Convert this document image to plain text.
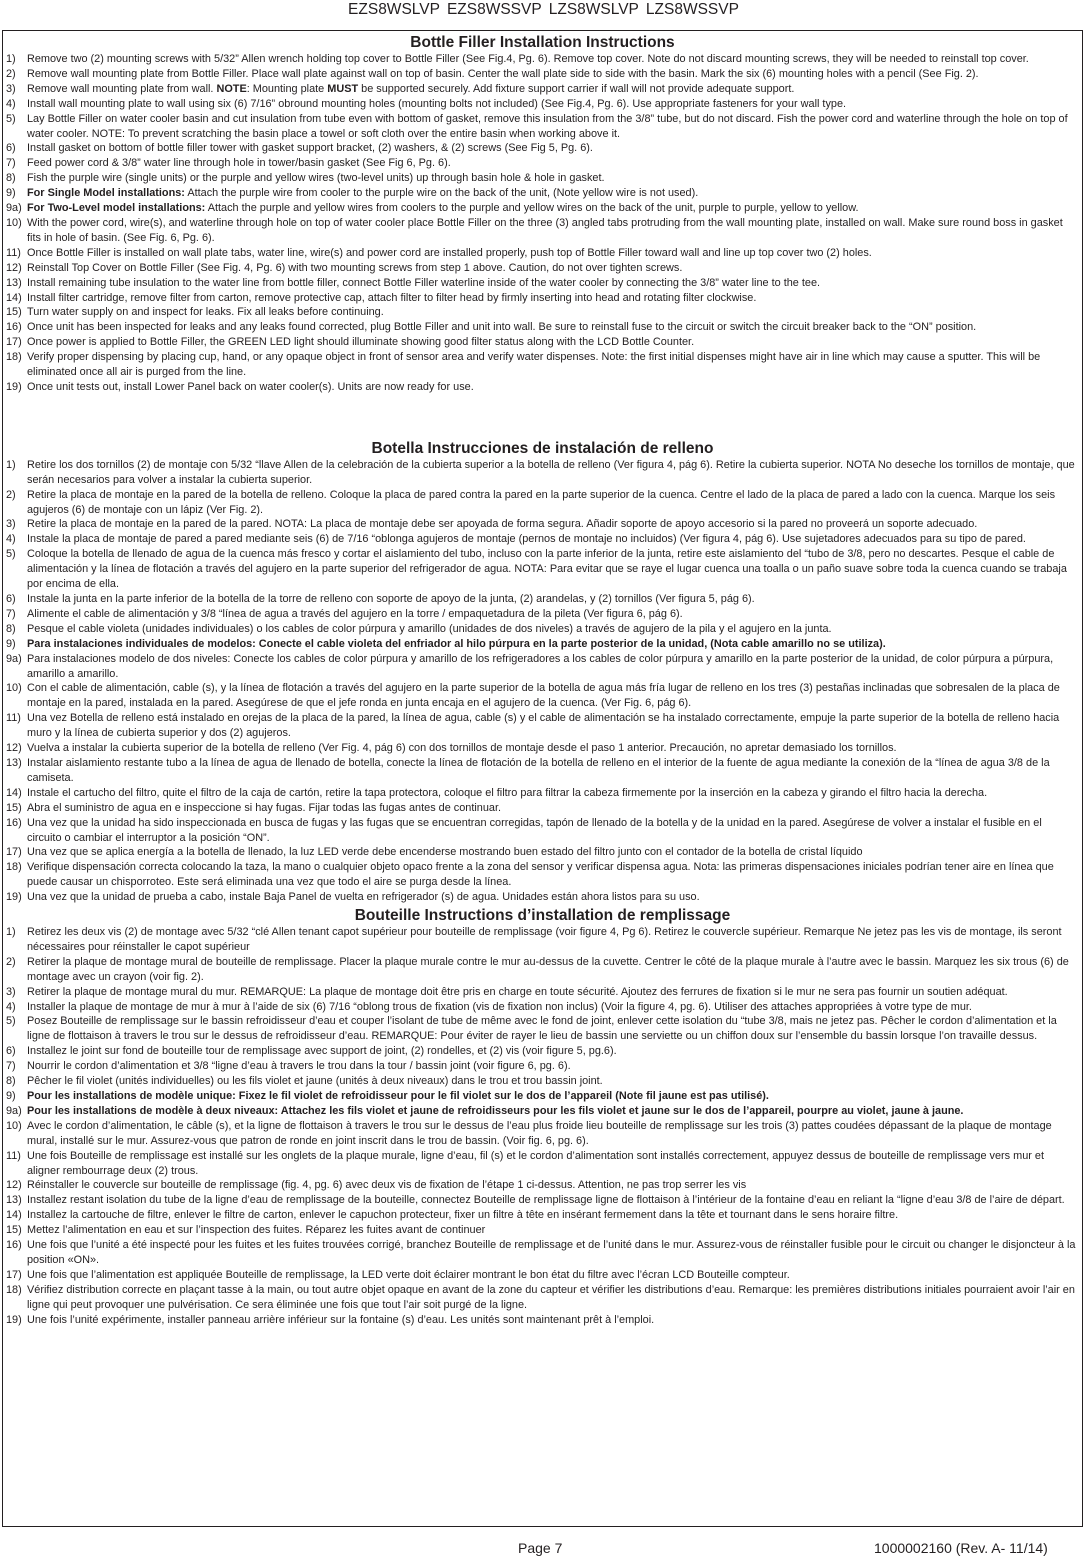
EZS8WSLVP EZS8WSSVP LZS8WSLVP LZS8WSSVP
Bottle Filler Installation Instructions
1) Remove two (2) mounting screws with 5/32” Allen wrench holding top cover to Bottle Filler (See Fig.4, Pg. 6). Remove top cover. Note do not discard mounting screws, they will be needed to reinstall top cover.
2) Remove wall mounting plate from Bottle Filler. Place wall plate against wall on top of basin. Center the wall plate side to side with the basin. Mark the six (6) mounting holes with a pencil (See Fig. 2).
3) Remove wall mounting plate from wall. NOTE: Mounting plate MUST be supported securely. Add fixture support carrier if wall will not provide adequate support.
4) Install wall mounting plate to wall using six (6) 7/16” obround mounting holes (mounting bolts not included) (See Fig.4, Pg. 6). Use appropriate fasteners for your wall type.
5) Lay Bottle Filler on water cooler basin and cut insulation from tube even with bottom of gasket, remove this insulation from the 3/8” tube, but do not discard. Fish the power cord and waterline through the hole on top of water cooler. NOTE: To prevent scratching the basin place a towel or soft cloth over the entire basin when working above it.
6) Install gasket on bottom of bottle filler tower with gasket support bracket, (2) washers, & (2) screws (See Fig 5, Pg. 6).
7) Feed power cord & 3/8” water line through hole in tower/basin gasket (See Fig 6, Pg. 6).
8) Fish the purple wire (single units) or the purple and yellow wires (two-level units) up through basin hole & hole in gasket.
9) For Single Model installations: Attach the purple wire from cooler to the purple wire on the back of the unit, (Note yellow wire is not used).
9a) For Two-Level model installations: Attach the purple and yellow wires from coolers to the purple and yellow wires on the back of the unit, purple to purple, yellow to yellow.
10) With the power cord, wire(s), and waterline through hole on top of water cooler place Bottle Filler on the three (3) angled tabs protruding from the wall mounting plate, installed on wall. Make sure round boss in gasket fits in hole of basin. (See Fig. 6, Pg. 6).
11) Once Bottle Filler is installed on wall plate tabs, water line, wire(s) and power cord are installed properly, push top of Bottle Filler toward wall and line up top cover two (2) holes.
12) Reinstall Top Cover on Bottle Filler (See Fig. 4, Pg. 6) with two mounting screws from step 1 above. Caution, do not over tighten screws.
13) Install remaining tube insulation to the water line from bottle filler, connect Bottle Filler waterline inside of the water cooler by connecting the 3/8” water line to the tee.
14) Install filter cartridge, remove filter from carton, remove protective cap, attach filter to filter head by firmly inserting into head and rotating filter clockwise.
15) Turn water supply on and inspect for leaks. Fix all leaks before continuing.
16) Once unit has been inspected for leaks and any leaks found corrected, plug Bottle Filler and unit into wall. Be sure to reinstall fuse to the circuit or switch the circuit breaker back to the “ON” position.
17) Once power is applied to Bottle Filler, the GREEN LED light should illuminate showing good filter status along with the LCD Bottle Counter.
18) Verify proper dispensing by placing cup, hand, or any opaque object in front of sensor area and verify water dispenses. Note: the first initial dispenses might have air in line which may cause a sputter. This will be eliminated once all air is purged from the line.
19) Once unit tests out, install Lower Panel back on water cooler(s). Units are now ready for use.
Botella Instrucciones de instalación de relleno
1) Retire los dos tornillos (2) de montaje con 5/32 “llave Allen de la celebración de la cubierta superior a la botella de relleno (Ver figura 4, pág 6). Retire la cubierta superior. NOTA No deseche los tornillos de montaje, que serán necesarios para volver a instalar la cubierta superior.
2) Retire la placa de montaje en la pared de la botella de relleno. Coloque la placa de pared contra la pared en la parte superior de la cuenca. Centre el lado de la placa de pared a lado con la cuenca. Marque los seis agujeros (6) de montaje con un lápiz (Ver Fig. 2).
3) Retire la placa de montaje en la pared de la pared. NOTA: La placa de montaje debe ser apoyada de forma segura. Añadir soporte de apoyo accesorio si la pared no proveerá un soporte adecuado.
4) Instale la placa de montaje de pared a pared mediante seis (6) de 7/16 “oblonga agujeros de montaje (pernos de montaje no incluidos) (Ver figura 4, pág 6). Use sujetadores adecuados para su tipo de pared.
5) Coloque la botella de llenado de agua de la cuenca más fresco y cortar el aislamiento del tubo, incluso con la parte inferior de la junta, retire este aislamiento del “tubo de 3/8, pero no descartes. Pesque el cable de alimentación y la línea de flotación a través del agujero en la parte superior del refrigerador de agua. NOTA: Para evitar que se raye el lugar cuenca una toalla o un paño suave sobre toda la cuenca cuando se trabaja por encima de ella.
6) Instale la junta en la parte inferior de la botella de la torre de relleno con soporte de apoyo de la junta, (2) arandelas, y (2) tornillos (Ver figura 5, pág 6).
7) Alimente el cable de alimentación y 3/8 “línea de agua a través del agujero en la torre / empaquetadura de la pileta (Ver figura 6, pág 6).
8) Pesque el cable violeta (unidades individuales) o los cables de color púrpura y amarillo (unidades de dos niveles) a través de agujero de la pila y el agujero en la junta.
9) Para instalaciones individuales de modelos: Conecte el cable violeta del enfriador al hilo púrpura en la parte posterior de la unidad, (Nota cable amarillo no se utiliza).
9a) Para instalaciones modelo de dos niveles: Conecte los cables de color púrpura y amarillo de los refrigeradores a los cables de color púrpura y amarillo en la parte posterior de la unidad, de color púrpura a púrpura, amarillo a amarillo.
10) Con el cable de alimentación, cable (s), y la línea de flotación a través del agujero en la parte superior de la botella de agua más fría lugar de relleno en los tres (3) pestañas inclinadas que sobresalen de la placa de montaje en la pared, instalada en la pared. Asegúrese de que el jefe ronda en junta encaja en el agujero de la cuenca. (Ver Fig. 6, pág 6).
11) Una vez Botella de relleno está instalado en orejas de la placa de la pared, la línea de agua, cable (s) y el cable de alimentación se ha instalado correctamente, empuje la parte superior de la botella de relleno hacia muro y la línea de cubierta superior y dos (2) agujeros.
12) Vuelva a instalar la cubierta superior de la botella de relleno (Ver Fig. 4, pág 6) con dos tornillos de montaje desde el paso 1 anterior. Precaución, no apretar demasiado los tornillos.
13) Instalar aislamiento restante tubo a la línea de agua de llenado de botella, conecte la línea de flotación de la botella de relleno en el interior de la fuente de agua mediante la conexión de la “línea de agua 3/8 de la camiseta.
14) Instale el cartucho del filtro, quite el filtro de la caja de cartón, retire la tapa protectora, coloque el filtro para filtrar la cabeza firmemente por la inserción en la cabeza y girando el filtro hacia la derecha.
15) Abra el suministro de agua en e inspeccione si hay fugas. Fijar todas las fugas antes de continuar.
16) Una vez que la unidad ha sido inspeccionada en busca de fugas y las fugas que se encuentran corregidas, tapón de llenado de la botella y de la unidad en la pared. Asegúrese de volver a instalar el fusible en el circuito o cambiar el interruptor a la posición “ON”.
17) Una vez que se aplica energía a la botella de llenado, la luz LED verde debe encenderse mostrando buen estado del filtro junto con el contador de la botella de cristal líquido
18) Verifique dispensación correcta colocando la taza, la mano o cualquier objeto opaco frente a la zona del sensor y verificar dispensa agua. Nota: las primeras dispensaciones iniciales podrían tener aire en línea que puede causar un chisporroteo. Este será eliminada una vez que todo el aire se purga desde la línea.
19) Una vez que la unidad de prueba a cabo, instale Baja Panel de vuelta en refrigerador (s) de agua. Unidades están ahora listos para su uso.
Bouteille Instructions d’installation de remplissage
1) Retirez les deux vis (2) de montage avec 5/32 “clé Allen tenant capot supérieur pour bouteille de remplissage (voir figure 4, Pg 6). Retirez le couvercle supérieur. Remarque Ne jetez pas les vis de montage, ils seront nécessaires pour réinstaller le capot supérieur
2) Retirer la plaque de montage mural de bouteille de remplissage. Placer la plaque murale contre le mur au-dessus de la cuvette. Centrer le côté de la plaque murale à l’autre avec le bassin. Marquez les six trous (6) de montage avec un crayon (voir fig. 2).
3) Retirer la plaque de montage mural du mur. REMARQUE: La plaque de montage doit être pris en charge en toute sécurité. Ajoutez des ferrures de fixation si le mur ne sera pas fournir un soutien adéquat.
4) Installer la plaque de montage de mur à mur à l’aide de six (6) 7/16 “oblong trous de fixation (vis de fixation non inclus) (Voir la figure 4, pg. 6). Utiliser des attaches appropriées à votre type de mur.
5) Posez Bouteille de remplissage sur le bassin refroidisseur d’eau et couper l’isolant de tube de même avec le fond de joint, enlever cette isolation du “tube 3/8, mais ne jetez pas. Pêcher le cordon d’alimentation et la ligne de flottaison à travers le trou sur le dessus de refroidisseur d’eau. REMARQUE: Pour éviter de rayer le lieu de bassin une serviette ou un chiffon doux sur l’ensemble du bassin lorsque l’on travaille dessus.
6) Installez le joint sur fond de bouteille tour de remplissage avec support de joint, (2) rondelles, et (2) vis (voir figure 5, pg.6).
7) Nourrir le cordon d’alimentation et 3/8 “ligne d’eau à travers le trou dans la tour / bassin joint (voir figure 6, pg. 6).
8) Pêcher le fil violet (unités individuelles) ou les fils violet et jaune (unités à deux niveaux) dans le trou et trou bassin joint.
9) Pour les installations de modèle unique: Fixez le fil violet de refroidisseur pour le fil violet sur le dos de l’appareil (Note fil jaune est pas utilisé).
9a) Pour les installations de modèle à deux niveaux: Attachez les fils violet et jaune de refroidisseurs pour les fils violet et jaune sur le dos de l’appareil, pourpre au violet, jaune à jaune.
10) Avec le cordon d’alimentation, le câble (s), et la ligne de flottaison à travers le trou sur le dessus de l’eau plus froide lieu bouteille de remplissage sur les trois (3) pattes coudées dépassant de la plaque de montage mural, installé sur le mur. Assurez-vous que patron de ronde en joint inscrit dans le trou de bassin. (Voir fig. 6, pg. 6).
11) Une fois Bouteille de remplissage est installé sur les onglets de la plaque murale, ligne d’eau, fil (s) et le cordon d’alimentation sont installés correctement, appuyez dessus de bouteille de remplissage vers mur et aligner rembourrage deux (2) trous.
12) Réinstaller le couvercle sur bouteille de remplissage (fig. 4, pg. 6) avec deux vis de fixation de l’étape 1 ci-dessus. Attention, ne pas trop serrer les vis
13) Installez restant isolation du tube de la ligne d’eau de remplissage de la bouteille, connectez Bouteille de remplissage ligne de flottaison à l’intérieur de la fontaine d’eau en reliant la “ligne d’eau 3/8 de l’aire de départ.
14) Installez la cartouche de filtre, enlever le filtre de carton, enlever le capuchon protecteur, fixer un filtre à tête en insérant fermement dans la tête et tournant dans le sens horaire filtre.
15) Mettez l’alimentation en eau et sur l’inspection des fuites. Réparez les fuites avant de continuer
16) Une fois que l’unité a été inspecté pour les fuites et les fuites trouvées corrigé, branchez Bouteille de remplissage et de l’unité dans le mur. Assurez-vous de réinstaller fusible pour le circuit ou changer le disjoncteur à la position «ON».
17) Une fois que l’alimentation est appliquée Bouteille de remplissage, la LED verte doit éclairer montrant le bon état du filtre avec l’écran LCD Bouteille compteur.
18) Vérifiez distribution correcte en plaçant tasse à la main, ou tout autre objet opaque en avant de la zone du capteur et vérifier les distributions d’eau. Remarque: les premières distributions initiales pourraient avoir l’air en ligne qui peut provoquer une pulvérisation. Ce sera éliminée une fois que tout l’air soit purgé de la ligne.
19) Une fois l’unité expérimente, installer panneau arrière inférieur sur la fontaine (s) d’eau. Les unités sont maintenant prêt à l’emploi.
Page 7	1000002160 (Rev. A- 11/14)
